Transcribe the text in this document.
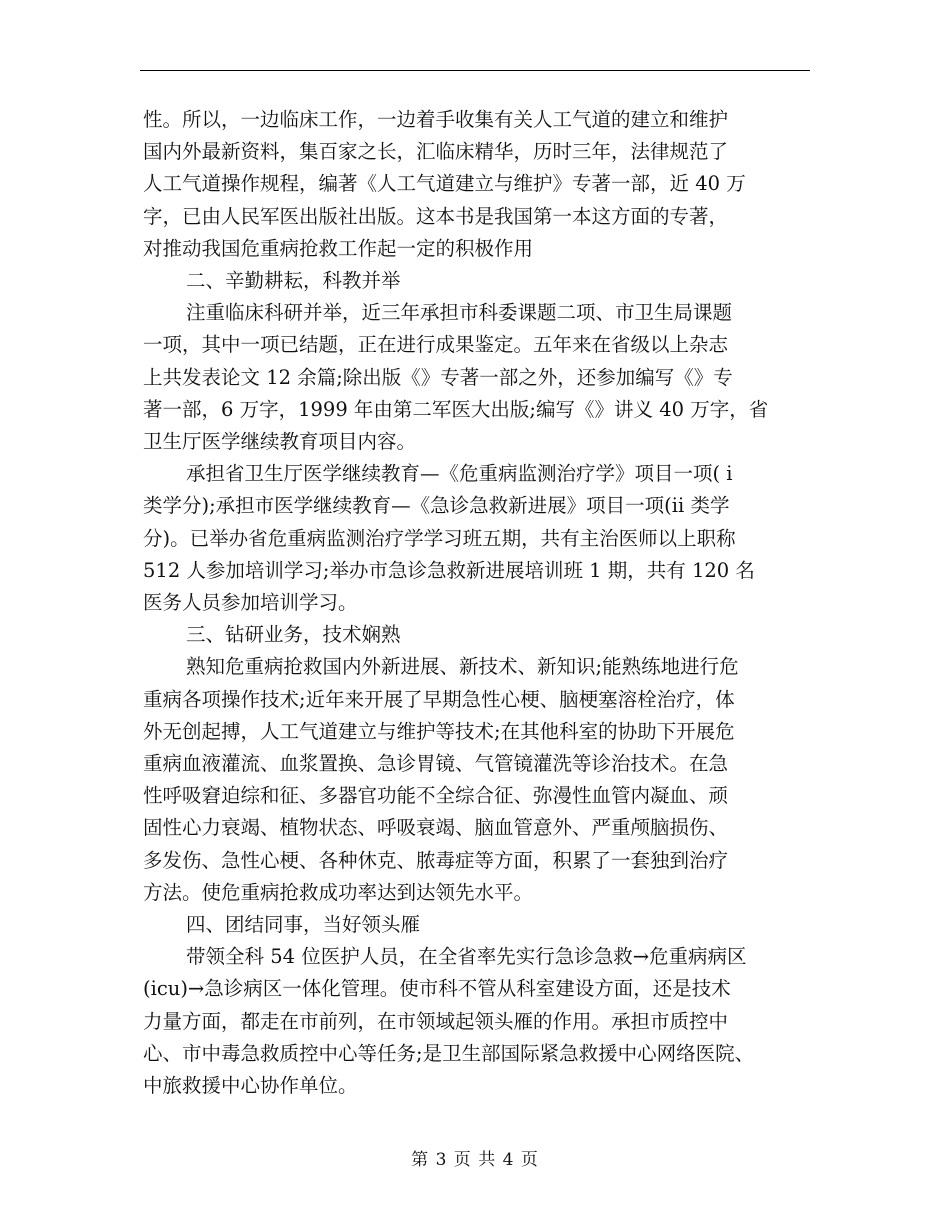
性。所以，一边临床工作，一边着手收集有关人工气道的建立和维护
国内外最新资料，集百家之长，汇临床精华，历时三年，法律规范了
人工气道操作规程，编著《人工气道建立与维护》专著一部，近 40 万
字，已由人民军医出版社出版。这本书是我国第一本这方面的专著，
对推动我国危重病抢救工作起一定的积极作用
二、辛勤耕耘，科教并举
注重临床科研并举，近三年承担市科委课题二项、市卫生局课题
一项，其中一项已结题，正在进行成果鉴定。五年来在省级以上杂志
上共发表论文 12 余篇;除出版《》专著一部之外，还参加编写《》专
著一部，6 万字，1999 年由第二军医大出版;编写《》讲义 40 万字，省
卫生厅医学继续教育项目内容。
承担省卫生厅医学继续教育—《危重病监测治疗学》项目一项( i
类学分);承担市医学继续教育—《急诊急救新进展》项目一项(ii 类学
分)。已举办省危重病监测治疗学学习班五期，共有主治医师以上职称
512 人参加培训学习;举办市急诊急救新进展培训班 1 期，共有 120 名
医务人员参加培训学习。
三、钻研业务，技术娴熟
熟知危重病抢救国内外新进展、新技术、新知识;能熟练地进行危
重病各项操作技术;近年来开展了早期急性心梗、脑梗塞溶栓治疗，体
外无创起搏，人工气道建立与维护等技术;在其他科室的协助下开展危
重病血液灌流、血浆置换、急诊胃镜、气管镜灌洗等诊治技术。在急
性呼吸窘迫综和征、多器官功能不全综合征、弥漫性血管内凝血、顽
固性心力衰竭、植物状态、呼吸衰竭、脑血管意外、严重颅脑损伤、
多发伤、急性心梗、各种休克、脓毒症等方面，积累了一套独到治疗
方法。使危重病抢救成功率达到达领先水平。
四、团结同事，当好领头雁
带领全科 54 位医护人员，在全省率先实行急诊急救→危重病病区
(icu)→急诊病区一体化管理。使市科不管从科室建设方面，还是技术
力量方面，都走在市前列，在市领域起领头雁的作用。承担市质控中
心、市中毒急救质控中心等任务;是卫生部国际紧急救援中心网络医院、
中旅救援中心协作单位。
第 3 页 共 4 页
